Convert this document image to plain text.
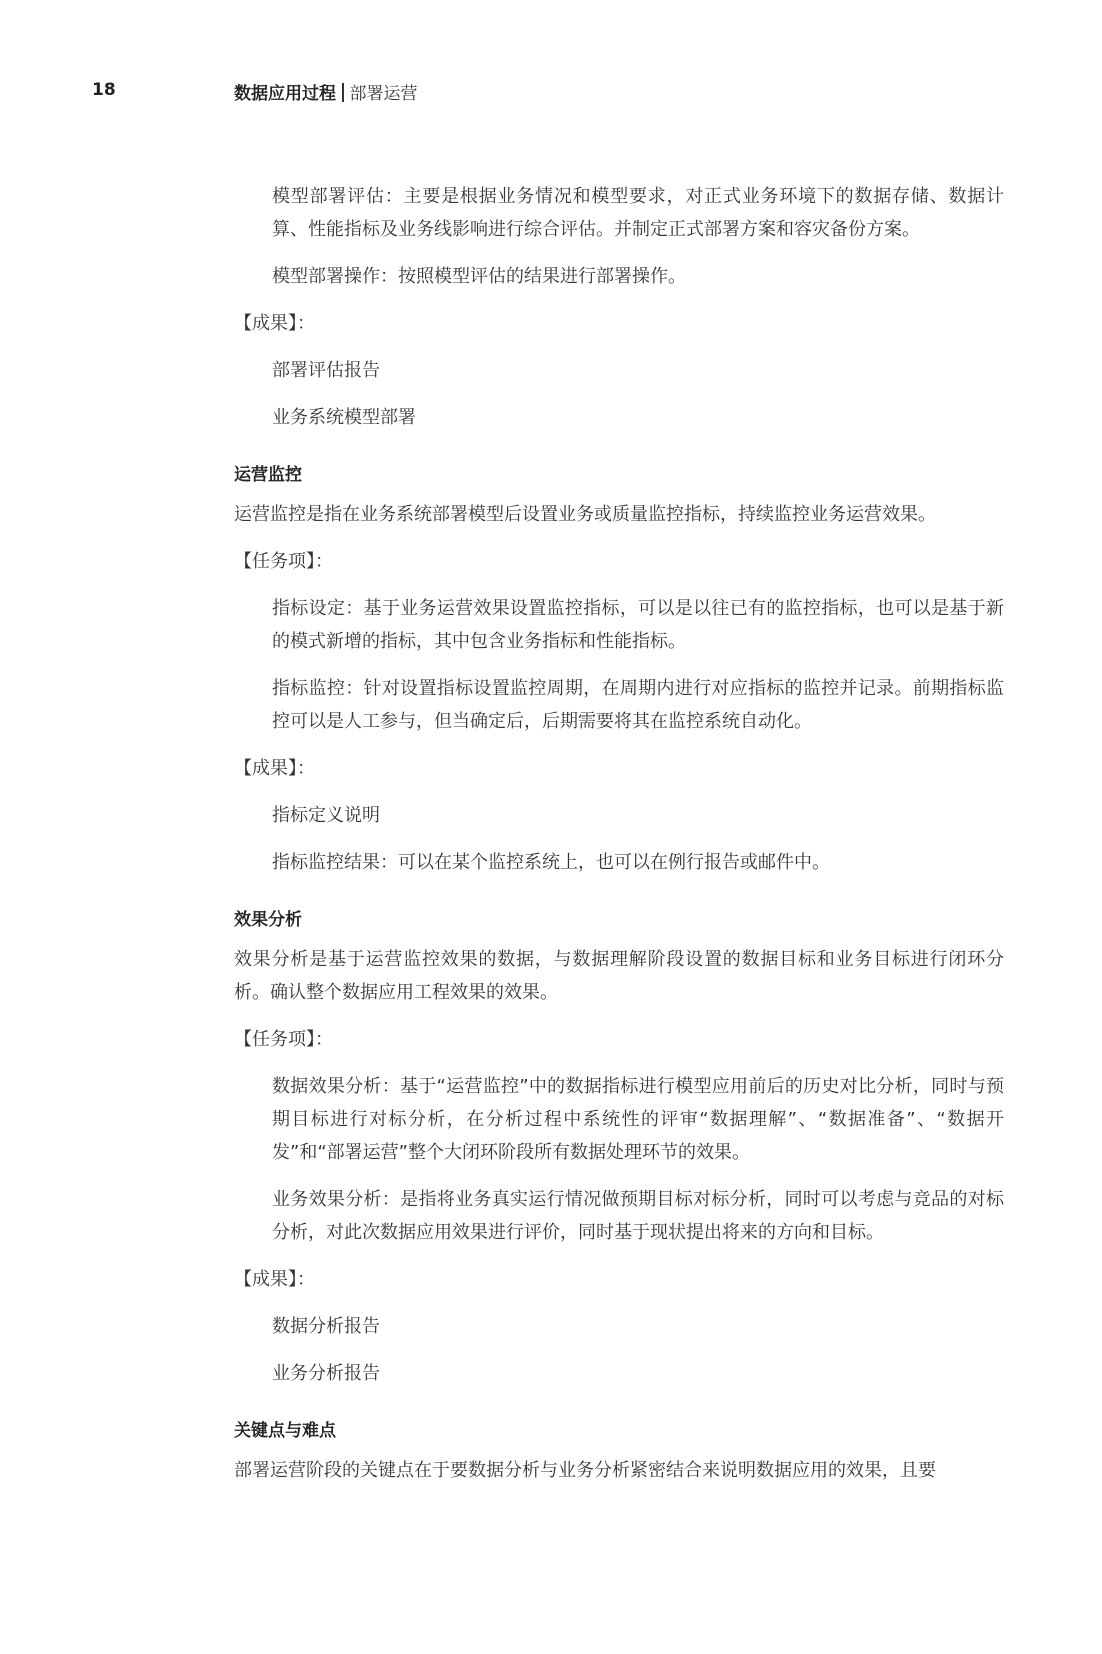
18	数据应用过程 部署运营

模型部署评估：主要是根据业务情况和模型要求，对正式业务环境下的数据存储、数据计算、性能指标及业务线影响进行综合评估。并制定正式部署方案和容灾备份方案。

模型部署操作：按照模型评估的结果进行部署操作。

【成果】：

部署评估报告

业务系统模型部署

运营监控

运营监控是指在业务系统部署模型后设置业务或质量监控指标，持续监控业务运营效果。

【任务项】：

指标设定：基于业务运营效果设置监控指标，可以是以往已有的监控指标，也可以是基于新的模式新增的指标，其中包含业务指标和性能指标。

指标监控：针对设置指标设置监控周期，在周期内进行对应指标的监控并记录。前期指标监控可以是人工参与，但当确定后，后期需要将其在监控系统自动化。

【成果】：

指标定义说明

指标监控结果：可以在某个监控系统上，也可以在例行报告或邮件中。

效果分析

效果分析是基于运营监控效果的数据，与数据理解阶段设置的数据目标和业务目标进行闭环分析。确认整个数据应用工程效果的效果。

【任务项】：

数据效果分析：基于“运营监控”中的数据指标进行模型应用前后的历史对比分析，同时与预期目标进行对标分析，在分析过程中系统性的评审“数据理解”、“数据准备”、“数据开发”和“部署运营”整个大闭环阶段所有数据处理环节的效果。

业务效果分析：是指将业务真实运行情况做预期目标对标分析，同时可以考虑与竞品的对标分析，对此次数据应用效果进行评价，同时基于现状提出将来的方向和目标。

【成果】：

数据分析报告

业务分析报告

关键点与难点

部署运营阶段的关键点在于要数据分析与业务分析紧密结合来说明数据应用的效果，且要
